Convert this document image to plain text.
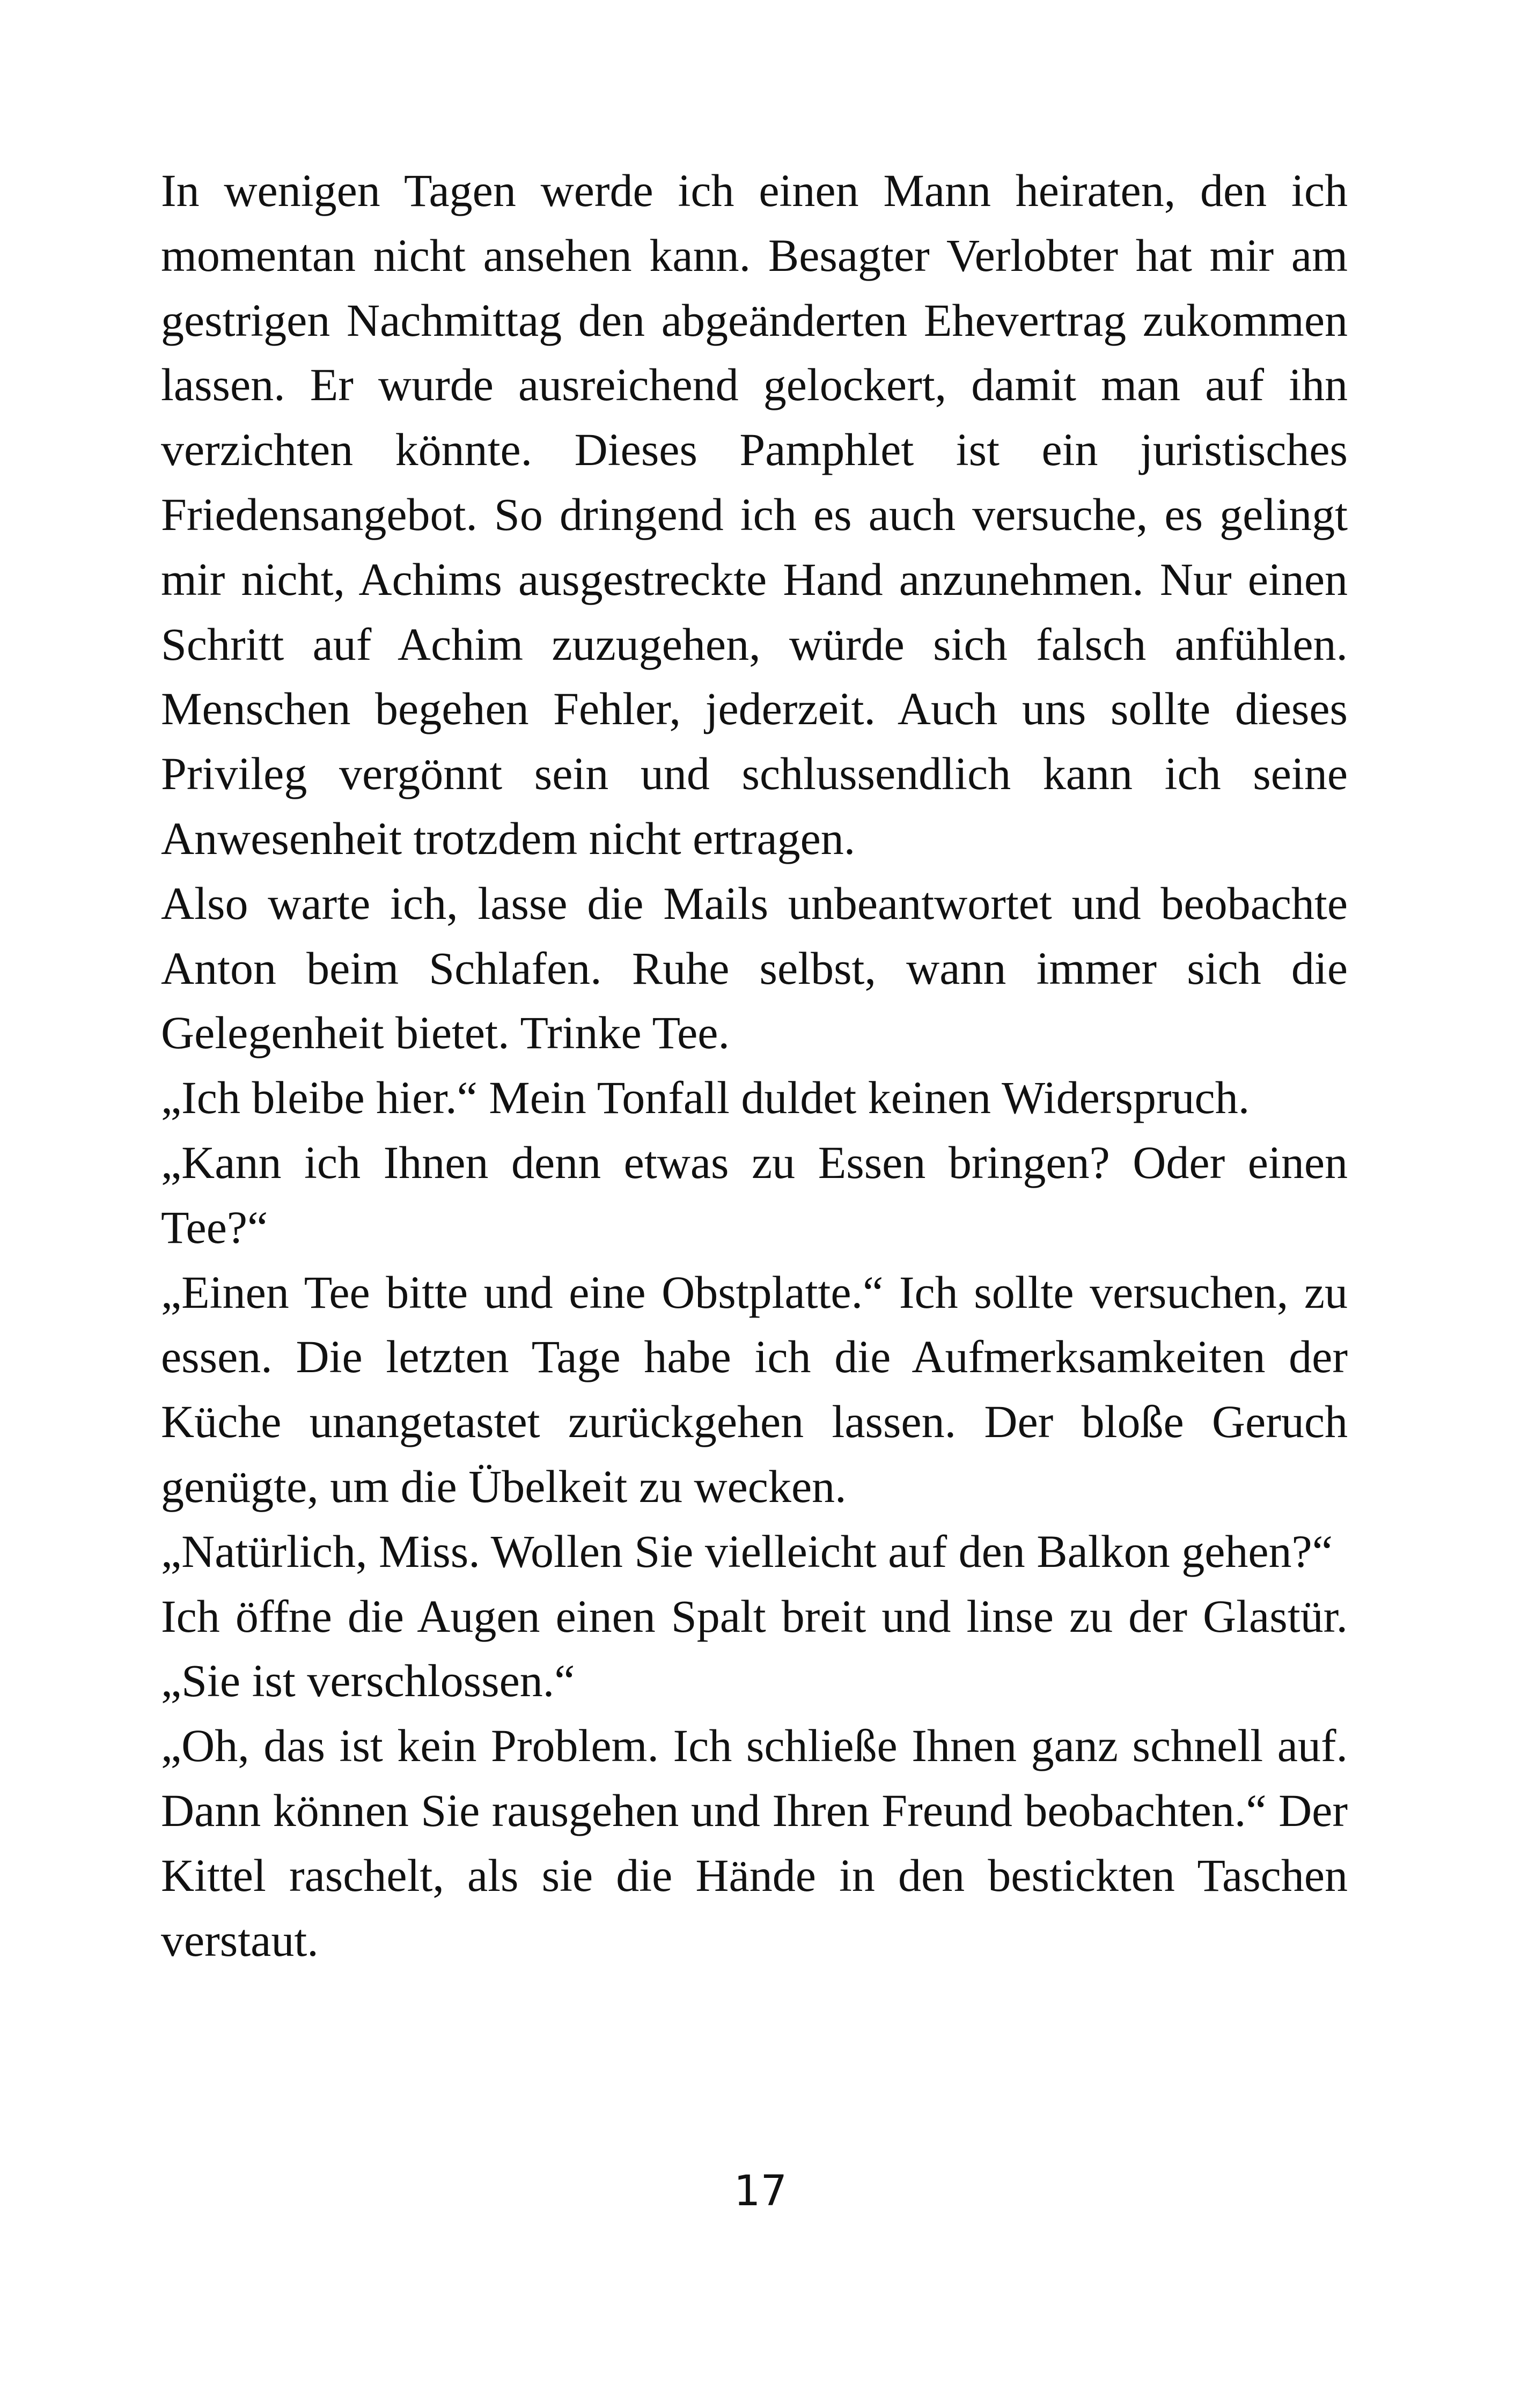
In wenigen Tagen werde ich einen Mann heiraten, den ich momentan nicht ansehen kann. Besagter Verlobter hat mir am gestrigen Nachmittag den abgeänderten Ehevertrag zukommen lassen. Er wurde ausreichend gelockert, damit man auf ihn verzichten könnte. Dieses Pamphlet ist ein juristisches Friedensangebot. So dringend ich es auch versuche, es gelingt mir nicht, Achims ausgestreckte Hand anzunehmen. Nur einen Schritt auf Achim zuzugehen, würde sich falsch anfühlen. Menschen begehen Fehler, jederzeit. Auch uns sollte dieses Privileg vergönnt sein und schlussendlich kann ich seine Anwesenheit trotzdem nicht ertragen.

Also warte ich, lasse die Mails unbeantwortet und beobachte Anton beim Schlafen. Ruhe selbst, wann immer sich die Gelegenheit bietet. Trinke Tee.

„Ich bleibe hier.“ Mein Tonfall duldet keinen Widerspruch.

„Kann ich Ihnen denn etwas zu Essen bringen? Oder einen Tee?“

„Einen Tee bitte und eine Obstplatte.“ Ich sollte versuchen, zu essen. Die letzten Tage habe ich die Aufmerksamkeiten der Küche unangetastet zurückgehen lassen. Der bloße Geruch genügte, um die Übelkeit zu wecken.

„Natürlich, Miss. Wollen Sie vielleicht auf den Balkon gehen?“

Ich öffne die Augen einen Spalt breit und linse zu der Glastür. „Sie ist verschlossen.“

„Oh, das ist kein Problem. Ich schließe Ihnen ganz schnell auf. Dann können Sie rausgehen und Ihren Freund beobachten.“ Der Kittel raschelt, als sie die Hände in den bestickten Taschen verstaut.

17
